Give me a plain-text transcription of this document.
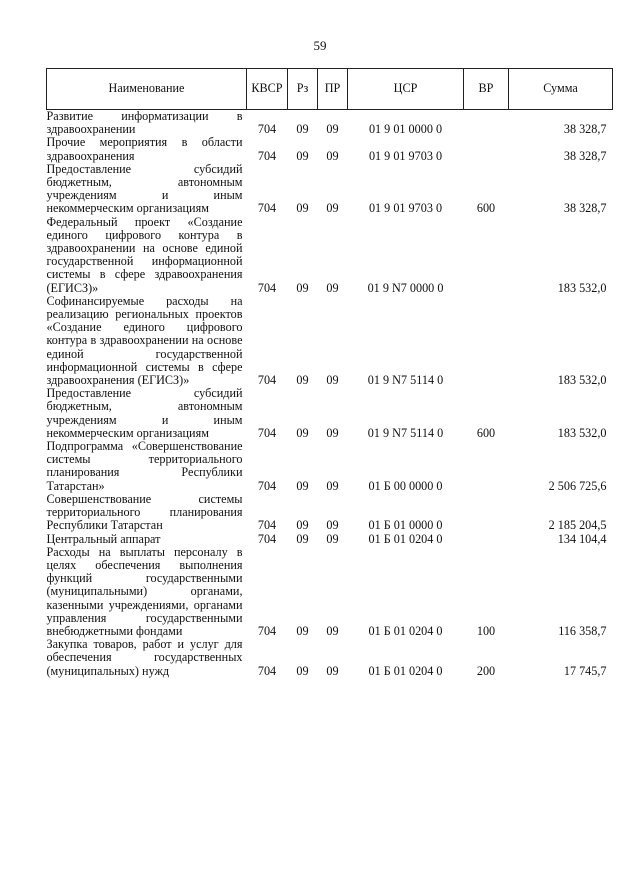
59
Наименование	КВСР	Рз	ПР	ЦСР	ВР	Сумма
Развитие информатизации в здравоохранении	704	09	09	01 9 01 0000 0		38 328,7
Прочие мероприятия в области здравоохранения	704	09	09	01 9 01 9703 0		38 328,7
Предоставление субсидий бюджетным, автономным учреждениям и иным некоммерческим организациям	704	09	09	01 9 01 9703 0	600	38 328,7
Федеральный проект «Создание единого цифрового контура в здравоохранении на основе единой государственной информационной системы в сфере здравоохранения (ЕГИСЗ)»	704	09	09	01 9 N7 0000 0		183 532,0
Софинансируемые расходы на реализацию региональных проектов «Создание единого цифрового контура в здравоохранении на основе единой государственной информационной системы в сфере здравоохранения (ЕГИСЗ)»	704	09	09	01 9 N7 5114 0		183 532,0
Предоставление субсидий бюджетным, автономным учреждениям и иным некоммерческим организациям	704	09	09	01 9 N7 5114 0	600	183 532,0
Подпрограмма «Совершенствование системы территориального планирования Республики Татарстан»	704	09	09	01 Б 00 0000 0		2 506 725,6
Совершенствование системы территориального планирования Республики Татарстан	704	09	09	01 Б 01 0000 0		2 185 204,5
Центральный аппарат	704	09	09	01 Б 01 0204 0		134 104,4
Расходы на выплаты персоналу в целях обеспечения выполнения функций государственными (муниципальными) органами, казенными учреждениями, органами управления государственными внебюджетными фондами	704	09	09	01 Б 01 0204 0	100	116 358,7
Закупка товаров, работ и услуг для обеспечения государственных (муниципальных) нужд	704	09	09	01 Б 01 0204 0	200	17 745,7
